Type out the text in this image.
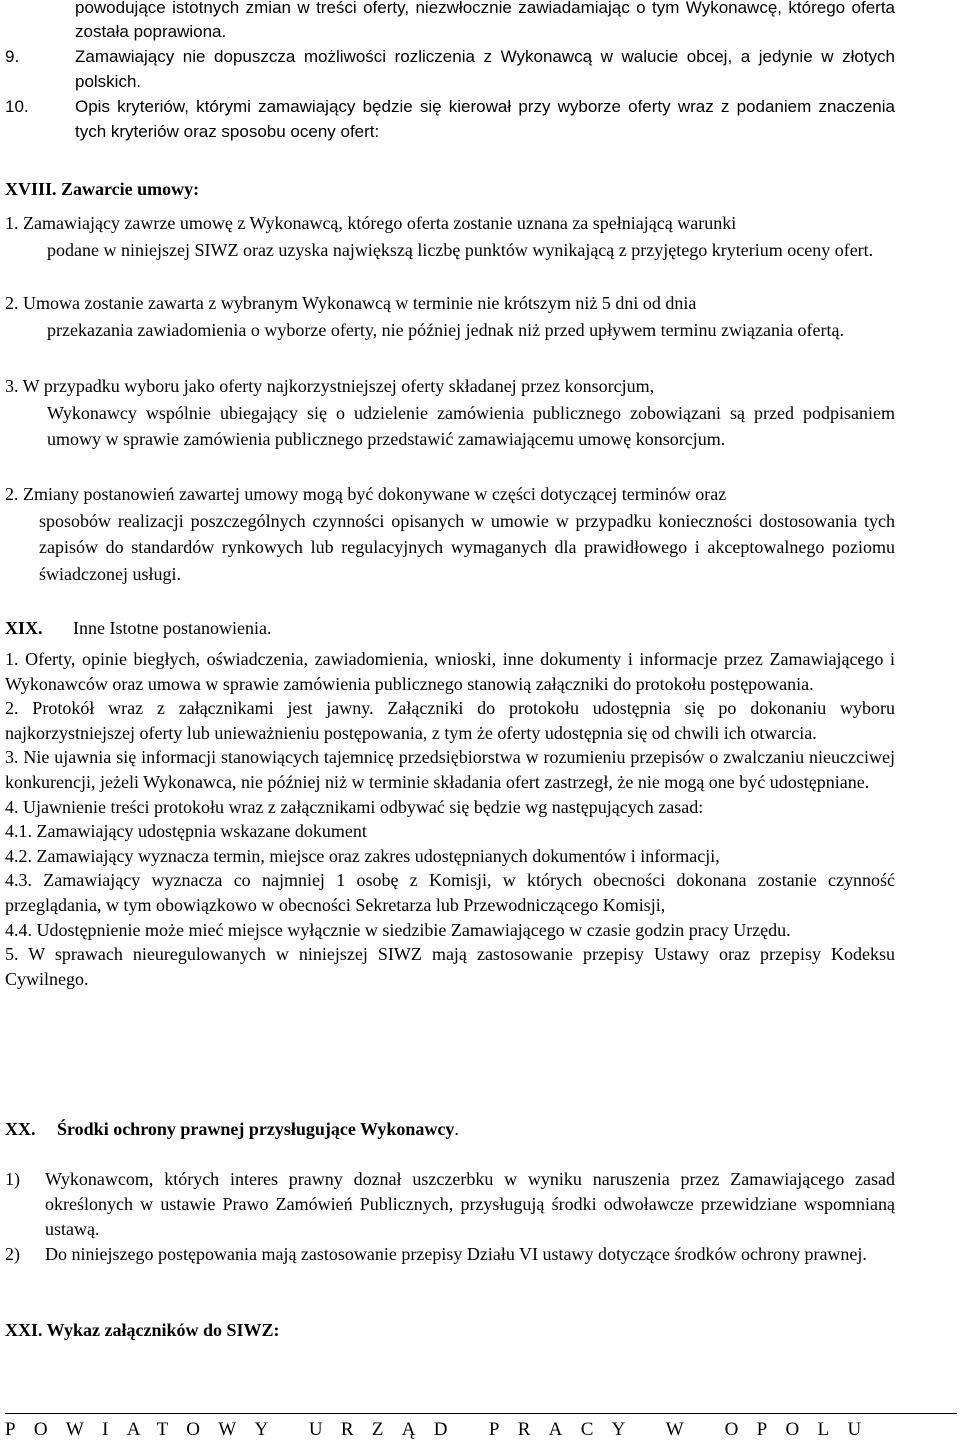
powodujące istotnych zmian w treści oferty, niezwłocznie zawiadamiając o tym Wykonawcę, którego oferta została poprawiona.
9.	Zamawiający nie dopuszcza możliwości rozliczenia z Wykonawcą w walucie obcej, a jedynie w złotych polskich.
10.	Opis kryteriów, którymi zamawiający będzie się kierował przy wyborze oferty wraz z podaniem znaczenia tych kryteriów oraz sposobu oceny ofert:
XVIII. Zawarcie umowy:
1. Zamawiający zawrze umowę z Wykonawcą, którego oferta zostanie uznana za spełniającą warunki
podane w niniejszej SIWZ oraz uzyska największą liczbę punktów wynikającą z przyjętego kryterium oceny ofert.
2. Umowa zostanie zawarta z wybranym Wykonawcą w terminie nie krótszym niż 5 dni od dnia
przekazania zawiadomienia o wyborze oferty, nie później jednak niż przed upływem terminu związania ofertą.
3. W przypadku wyboru jako oferty najkorzystniejszej oferty składanej przez konsorcjum,
Wykonawcy wspólnie ubiegający się o udzielenie zamówienia publicznego zobowiązani są przed podpisaniem umowy w sprawie zamówienia publicznego przedstawić zamawiającemu umowę konsorcjum.
2. Zmiany postanowień zawartej umowy mogą być dokonywane w części dotyczącej terminów oraz
sposobów realizacji poszczególnych czynności opisanych w umowie w przypadku konieczności dostosowania tych zapisów do standardów rynkowych lub regulacyjnych wymaganych dla prawidłowego i akceptowalnego poziomu świadczonej usługi.
XIX. Inne Istotne postanowienia.

1. Oferty, opinie biegłych, oświadczenia, zawiadomienia, wnioski, inne dokumenty i informacje przez Zamawiającego i Wykonawców oraz umowa w sprawie zamówienia publicznego stanowią załączniki do protokołu postępowania.

2. Protokół wraz z załącznikami jest jawny. Załączniki do protokołu udostępnia się po dokonaniu wyboru najkorzystniejszej oferty lub unieważnieniu postępowania, z tym że oferty udostępnia się od chwili ich otwarcia.

3. Nie ujawnia się informacji stanowiących tajemnicę przedsiębiorstwa w rozumieniu przepisów o zwalczaniu nieuczciwej konkurencji, jeżeli Wykonawca, nie później niż w terminie składania ofert zastrzegł, że nie mogą one być udostępniane.

4. Ujawnienie treści protokołu wraz z załącznikami odbywać się będzie wg następujących zasad:

4.1. Zamawiający udostępnia wskazane dokument

4.2. Zamawiający wyznacza termin, miejsce oraz zakres udostępnianych dokumentów i informacji,

4.3. Zamawiający wyznacza co najmniej 1 osobę z Komisji, w których obecności dokonana zostanie czynność przeglądania, w tym obowiązkowo w obecności Sekretarza lub Przewodniczącego Komisji,

4.4. Udostępnienie może mieć miejsce wyłącznie w siedzibie Zamawiającego w czasie godzin pracy Urzędu.

5. W sprawach nieuregulowanych w niniejszej SIWZ mają zastosowanie przepisy Ustawy oraz przepisy Kodeksu Cywilnego.

XX. Środki ochrony prawnej przysługujące Wykonawcy.
1) Wykonawcom, których interes prawny doznał uszczerbku w wyniku naruszenia przez Zamawiającego zasad określonych w ustawie Prawo Zamówień Publicznych, przysługują środki odwoławcze przewidziane wspomnianą ustawą.
2) Do niniejszego postępowania mają zastosowanie przepisy Działu VI ustawy dotyczące środków ochrony prawnej.
XXI. Wykaz załączników do SIWZ:
POWIATOWY URZĄD PRACY W OPOLU
